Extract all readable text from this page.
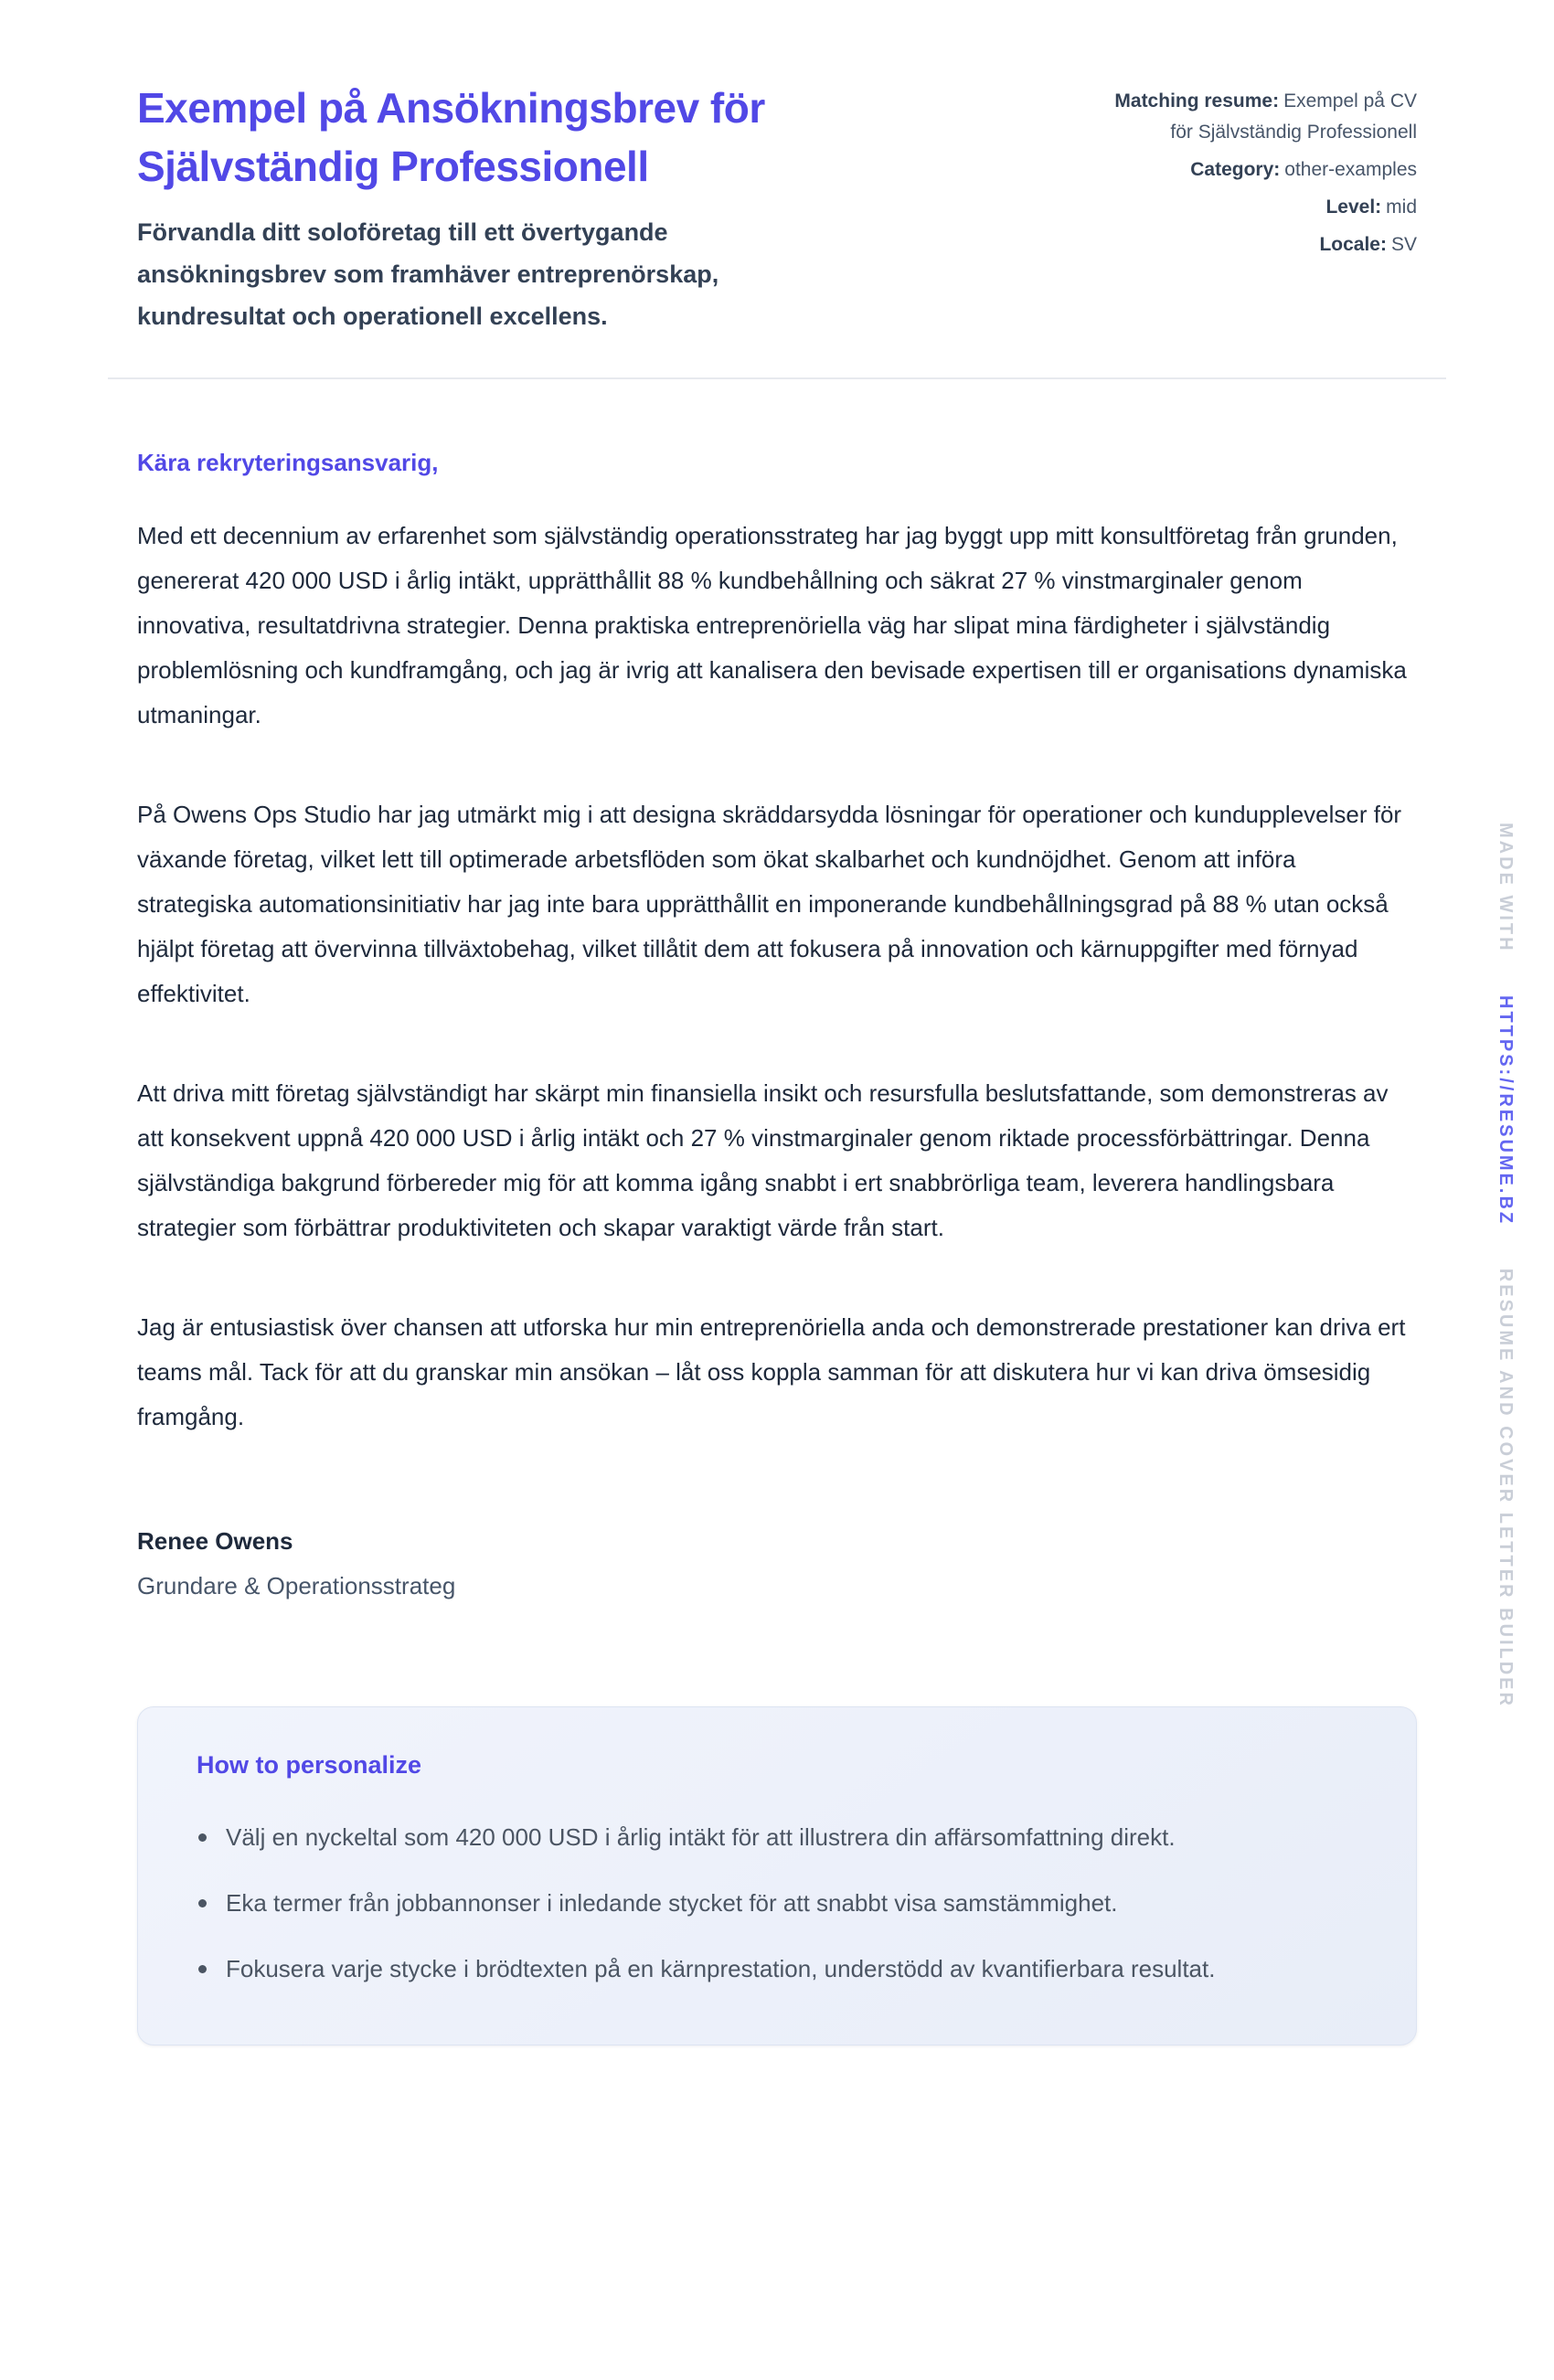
Exempel på Ansökningsbrev för Självständig Professionell

Förvandla ditt soloföretag till ett övertygande ansökningsbrev som framhäver entreprenörskap, kundresultat och operationell excellens.

Matching resume: Exempel på CV för Självständig Professionell

Category: other-examples

Level: mid

Locale: SV

Kära rekryteringsansvarig,

Med ett decennium av erfarenhet som självständig operationsstrateg har jag byggt upp mitt konsultföretag från grunden, genererat 420 000 USD i årlig intäkt, upprätthållit 88 % kundbehållning och säkrat 27 % vinstmarginaler genom innovativa, resultatdrivna strategier. Denna praktiska entreprenöriella väg har slipat mina färdigheter i självständig problemlösning och kundframgång, och jag är ivrig att kanalisera den bevisade expertisen till er organisations dynamiska utmaningar.

På Owens Ops Studio har jag utmärkt mig i att designa skräddarsydda lösningar för operationer och kundupplevelser för växande företag, vilket lett till optimerade arbetsflöden som ökat skalbarhet och kundnöjdhet. Genom att införa strategiska automationsinitiativ har jag inte bara upprätthållit en imponerande kundbehållningsgrad på 88 % utan också hjälpt företag att övervinna tillväxtobehag, vilket tillåtit dem att fokusera på innovation och kärnuppgifter med förnyad effektivitet.

Att driva mitt företag självständigt har skärpt min finansiella insikt och resursfulla beslutsfattande, som demonstreras av att konsekvent uppnå 420 000 USD i årlig intäkt och 27 % vinstmarginaler genom riktade processförbättringar. Denna självständiga bakgrund förbereder mig för att komma igång snabbt i ert snabbrörliga team, leverera handlingsbara strategier som förbättrar produktiviteten och skapar varaktigt värde från start.

Jag är entusiastisk över chansen att utforska hur min entreprenöriella anda och demonstrerade prestationer kan driva ert teams mål. Tack för att du granskar min ansökan – låt oss koppla samman för att diskutera hur vi kan driva ömsesidig framgång.

Renee Owens

Grundare & Operationsstrateg

How to personalize
Välj en nyckeltal som 420 000 USD i årlig intäkt för att illustrera din affärsomfattning direkt.
Eka termer från jobbannonser i inledande stycket för att snabbt visa samstämmighet.
Fokusera varje stycke i brödtexten på en kärnprestation, understödd av kvantifierbara resultat.
MADE WITH HTTPS://RESUME.BZ RESUME AND COVER LETTER BUILDER
